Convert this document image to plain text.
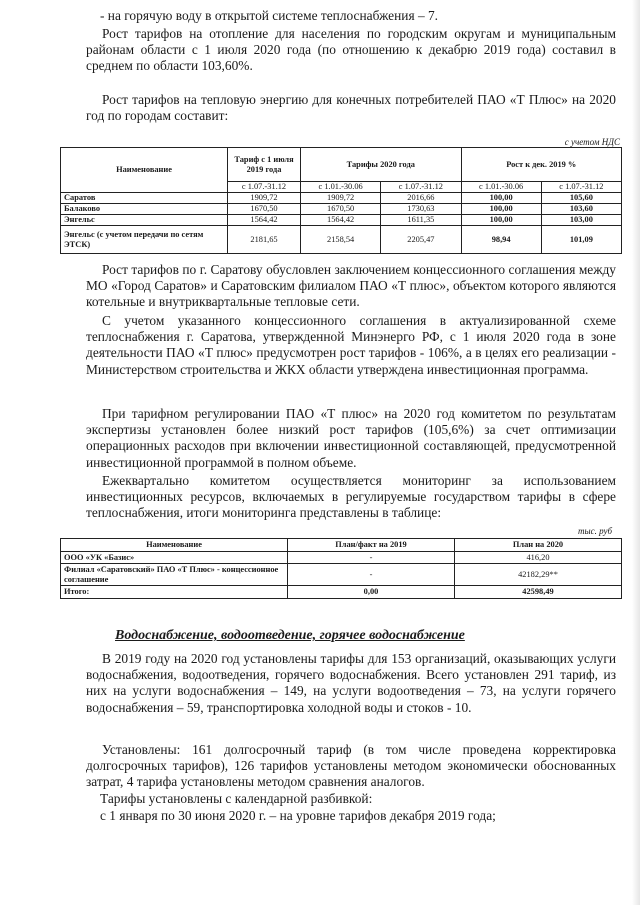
- на горячую воду в открытой системе теплоснабжения – 7.

Рост тарифов на отопление для населения по городским округам и муниципальным районам области с 1 июля 2020 года (по отношению к декабрю 2019 года) составил в среднем по области 103,60%.

Рост тарифов на тепловую энергию для конечных потребителей ПАО «Т Плюс» на 2020 год по городам составит:

с учетом НДС
Наименование	Тариф с 1 июля 2019 года	Тарифы 2020 года		Рост к дек. 2019 %	
	с 1.07.-31.12	с 1.01.-30.06	с 1.07.-31.12	с 1.01.-30.06	с 1.07.-31.12
Саратов	1909,72	1909,72	2016,66	100,00	105,60
Балаково	1670,50	1670,50	1730,63	100,00	103,60
Энгельс	1564,42	1564,42	1611,35	100,00	103,00
Энгельс (с учетом передачи по сетям ЭТСК)	2181,65	2158,54	2205,47	98,94	101,09

Рост тарифов по г. Саратову обусловлен заключением концессионного соглашения между МО «Город Саратов» и Саратовским филиалом ПАО «Т плюс», объектом которого являются котельные и внутриквартальные тепловые сети.

С учетом указанного концессионного соглашения в актуализированной схеме теплоснабжения г. Саратова, утвержденной Минэнерго РФ, с 1 июля 2020 года в зоне деятельности ПАО «Т плюс» предусмотрен рост тарифов - 106%, а в целях его реализации - Министерством строительства и ЖКХ области утверждена инвестиционная программа.

При тарифном регулировании ПАО «Т плюс» на 2020 год комитетом по результатам экспертизы установлен более низкий рост тарифов (105,6%) за счет оптимизации операционных расходов при включении инвестиционной составляющей, предусмотренной инвестиционной программой в полном объеме.

Ежеквартально комитетом осуществляется мониторинг за использованием инвестиционных ресурсов, включаемых в регулируемые государством тарифы в сфере теплоснабжения, итоги мониторинга представлены в таблице:

тыс. руб
Наименование	План/факт на 2019	План на 2020
ООО «УК «Базис»	-	416,20
Филиал «Саратовский» ПАО «Т Плюс» - концессионное соглашение	-	42182,29**
Итого:	0,00	42598,49
Водоснабжение, водоотведение, горячее водоснабжение

В 2019 году на 2020 год установлены тарифы для 153 организаций, оказывающих услуги водоснабжения, водоотведения, горячего водоснабжения. Всего установлен 291 тариф, из них на услуги водоснабжения – 149, на услуги водоотведения – 73, на услуги горячего водоснабжения – 59, транспортировка холодной воды и стоков - 10.

Установлены: 161 долгосрочный тариф (в том числе проведена корректировка долгосрочных тарифов), 126 тарифов установлены методом экономически обоснованных затрат, 4 тарифа установлены методом сравнения аналогов.

Тарифы установлены с календарной разбивкой:

с 1 января по 30 июня 2020 г. – на уровне тарифов декабря 2019 года;
